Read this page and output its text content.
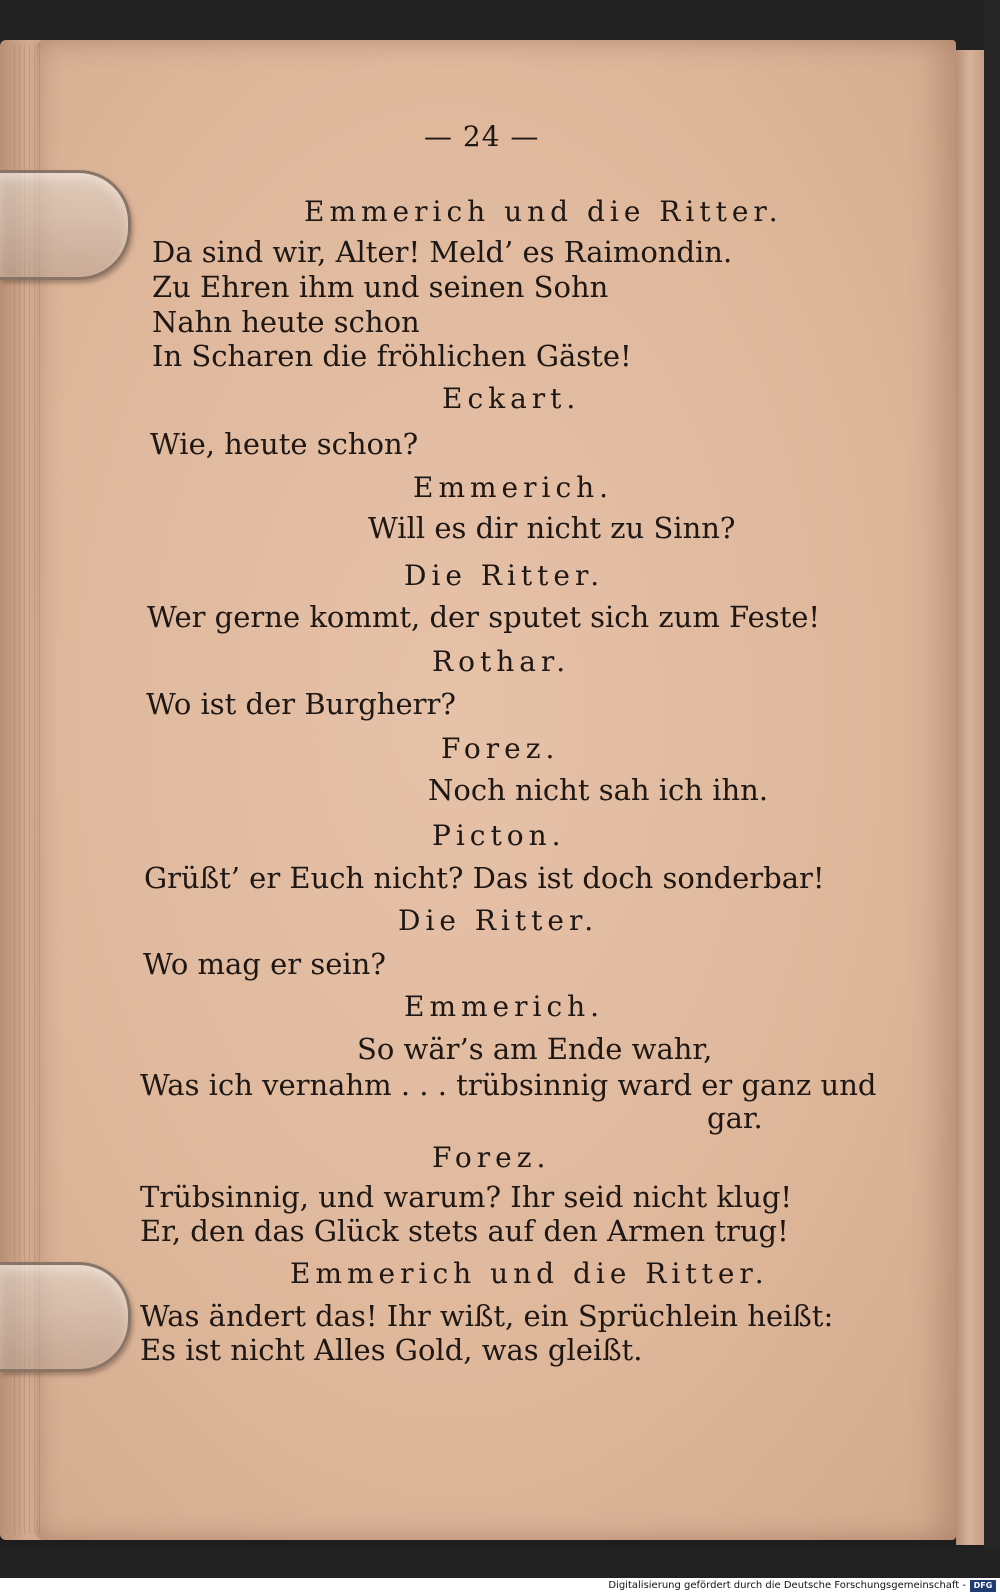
— 24 —
Emmerich und die Ritter.
Da sind wir, Alter! Meld’ es Raimondin.
Zu Ehren ihm und seinen Sohn
Nahn heute schon
In Scharen die fröhlichen Gäste!
Eckart.
Wie, heute schon?
Emmerich.
Will es dir nicht zu Sinn?
Die Ritter.
Wer gerne kommt, der sputet sich zum Feste!
Rothar.
Wo ist der Burgherr?
Forez.
Noch nicht sah ich ihn.
Picton.
Grüßt’ er Euch nicht? Das ist doch sonderbar!
Die Ritter.
Wo mag er sein?
Emmerich.
So wär’s am Ende wahr,
Was ich vernahm . . . trübsinnig ward er ganz und
gar.
Forez.
Trübsinnig, und warum? Ihr seid nicht klug!
Er, den das Glück stets auf den Armen trug!
Emmerich und die Ritter.
Was ändert das! Ihr wißt, ein Sprüchlein heißt:
Es ist nicht Alles Gold, was gleißt.
Digitalisierung gefördert durch die Deutsche Forschungsgemeinschaft - DFG
